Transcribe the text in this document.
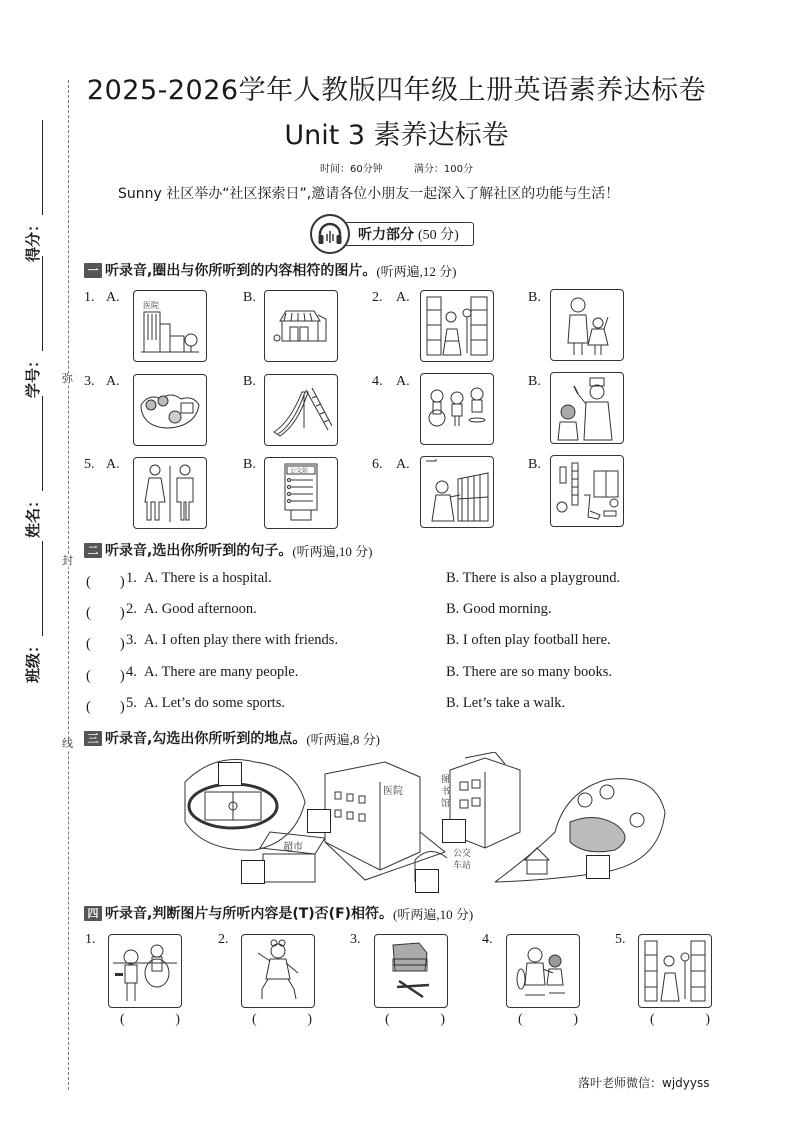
得分：
学号：
姓名：
班级：
弥
封
线
2025-2026学年人教版四年级上册英语素养达标卷
Unit 3 素养达标卷
时间：60分钟	满分：100分
Sunny 社区举办“社区探索日”,邀请各位小朋友一起深入了解社区的功能与生活！
听力部分 (50 分)
一 听录音,圈出与你所听到的内容相符的图片。 (听两遍,12 分)
1. A.
医院
B.	2. A.	B.
3. A.	B.	4. A.	B.
5. A.	B.	公交站	6. A.	B.
二 听录音,选出你所听到的句子。 (听两遍,10 分)
(　　) 1. A. There is a hospital.	B. There is also a playground.
(　　) 2. A. Good afternoon.	B. Good morning.
(　　) 3. A. I often play there with friends.	B. I often play football here.
(　　) 4. A. There are many people.	B. There are so many books.
(　　) 5. A. Let’s do some sports.	B. Let’s take a walk.
三 听录音,勾选出你所听到的地点。 (听两遍,8 分)
超市
医院
公交
车站
图
书
馆
四 听录音,判断图片与所听内容是(T)否(F)相符。 (听两遍,10 分)
1.
(	)
2.
(	)
3.
(	)
4.
(	)
5.
(	)
落叶老师微信：wjdyyss
